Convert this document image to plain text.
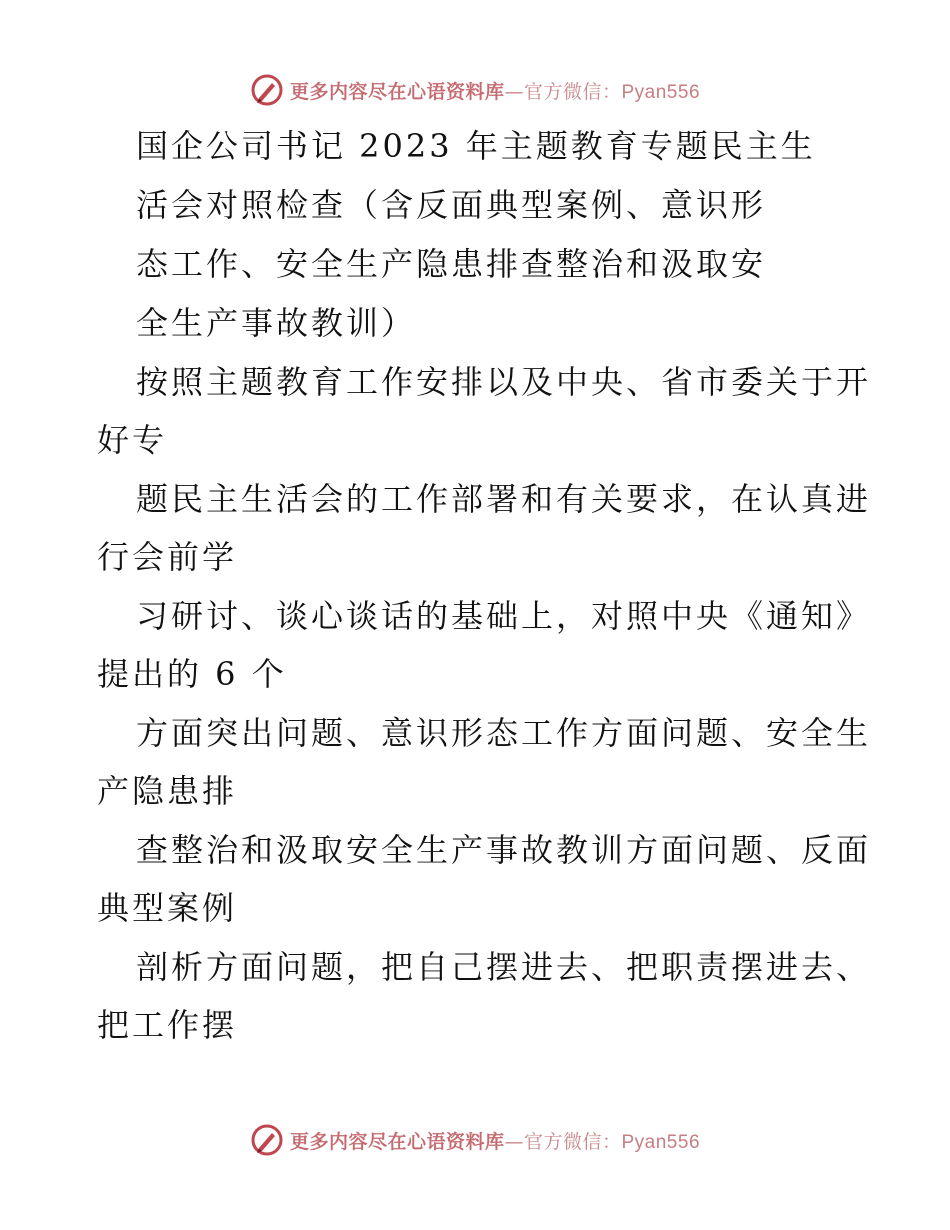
更多内容尽在心语资料库—官方微信：Pyan556
国企公司书记 2023 年主题教育专题民主生
活会对照检查（含反面典型案例、意识形
态工作、安全生产隐患排查整治和汲取安
全生产事故教训）
按照主题教育工作安排以及中央、省市委关于开
好专
题民主生活会的工作部署和有关要求，在认真进
行会前学
习研讨、谈心谈话的基础上，对照中央《通知》
提出的 6 个
方面突出问题、意识形态工作方面问题、安全生
产隐患排
查整治和汲取安全生产事故教训方面问题、反面
典型案例
剖析方面问题，把自己摆进去、把职责摆进去、
把工作摆
更多内容尽在心语资料库—官方微信：Pyan556
